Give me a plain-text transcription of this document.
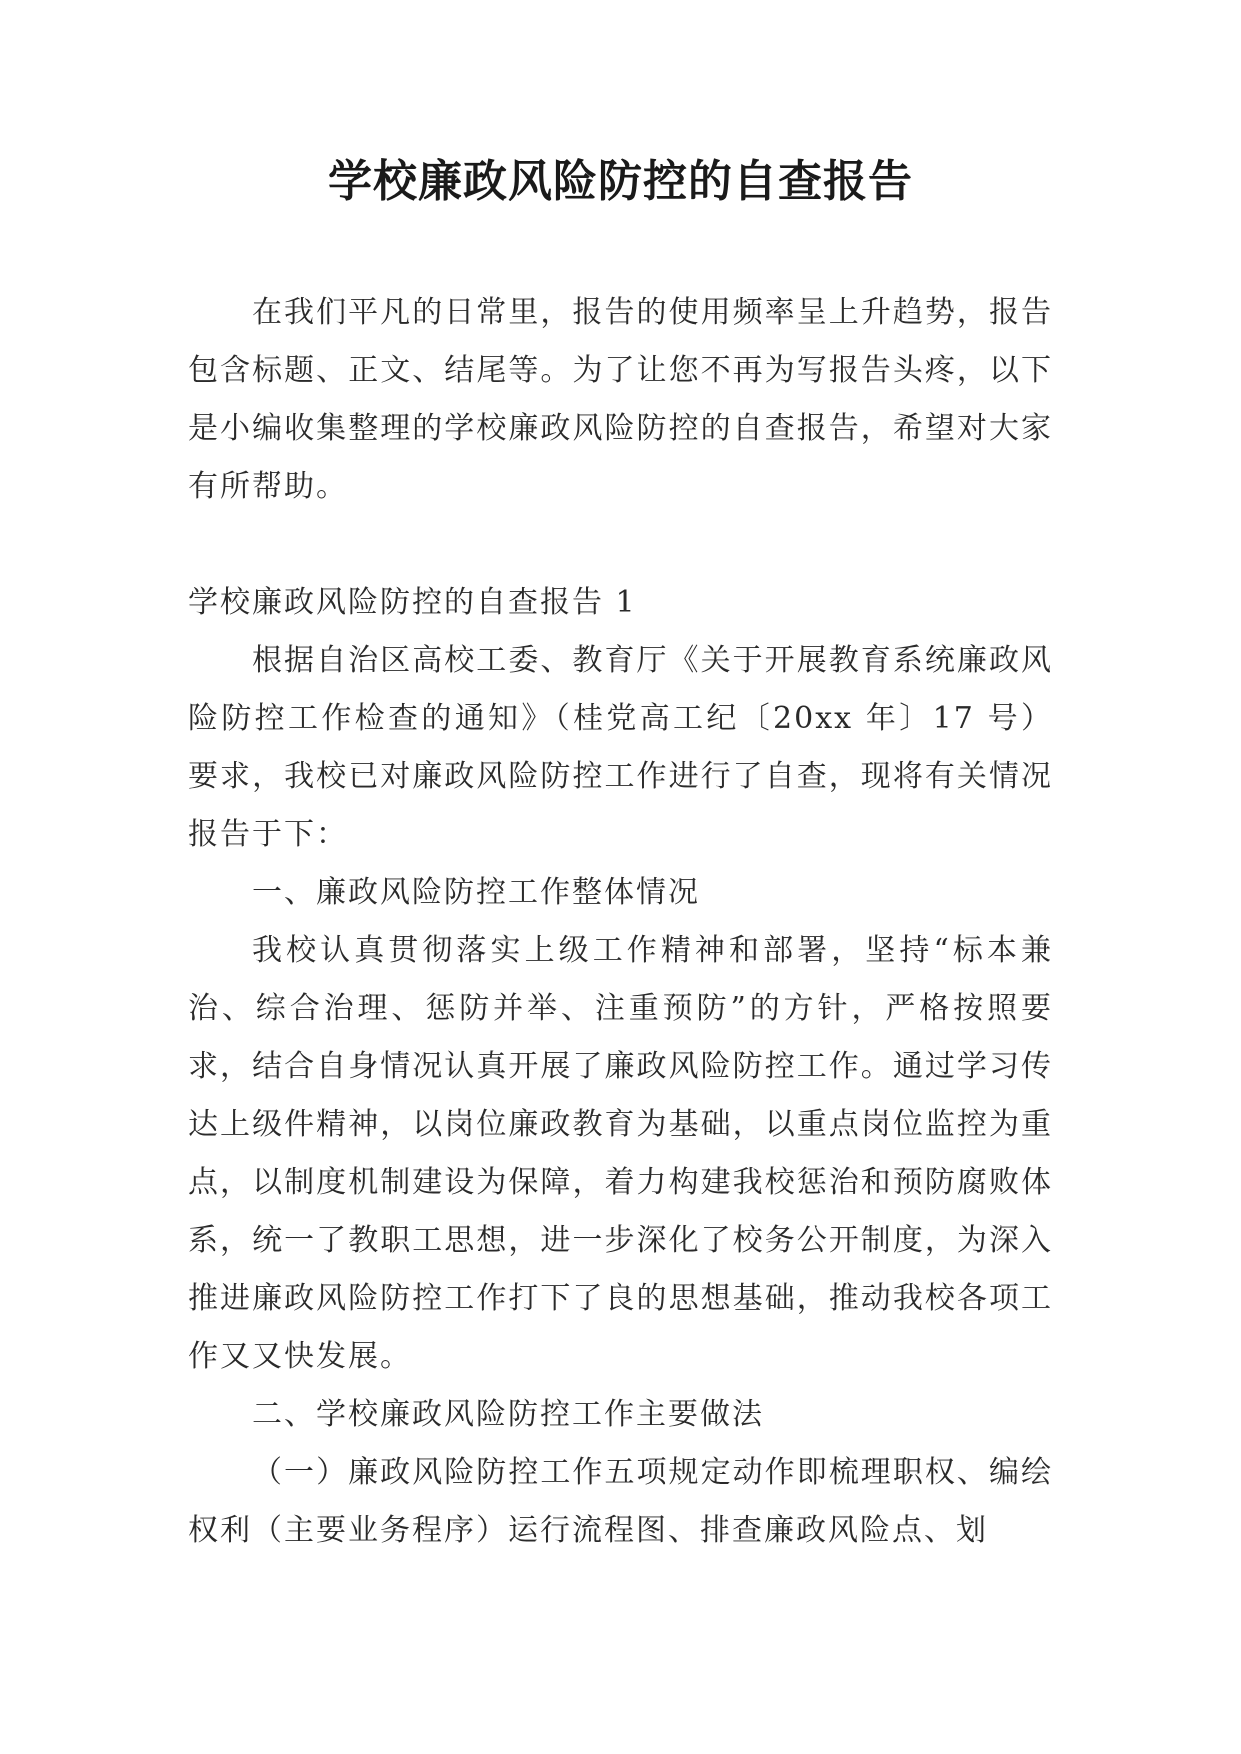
学校廉政风险防控的自查报告

在我们平凡的日常里，报告的使用频率呈上升趋势，报告包含标题、正文、结尾等。为了让您不再为写报告头疼，以下是小编收集整理的学校廉政风险防控的自查报告，希望对大家有所帮助。

学校廉政风险防控的自查报告 1

根据自治区高校工委、教育厅《关于开展教育系统廉政风险防控工作检查的通知》（桂党高工纪〔20xx 年〕17 号）要求，我校已对廉政风险防控工作进行了自查，现将有关情况报告于下：

一、廉政风险防控工作整体情况

我校认真贯彻落实上级工作精神和部署，坚持“标本兼治、综合治理、惩防并举、注重预防”的方针，严格按照要求，结合自身情况认真开展了廉政风险防控工作。通过学习传达上级件精神，以岗位廉政教育为基础，以重点岗位监控为重点，以制度机制建设为保障，着力构建我校惩治和预防腐败体系，统一了教职工思想，进一步深化了校务公开制度，为深入推进廉政风险防控工作打下了良的思想基础，推动我校各项工作又又快发展。

二、学校廉政风险防控工作主要做法

（一）廉政风险防控工作五项规定动作即梳理职权、编绘权利（主要业务程序）运行流程图、排查廉政风险点、划
